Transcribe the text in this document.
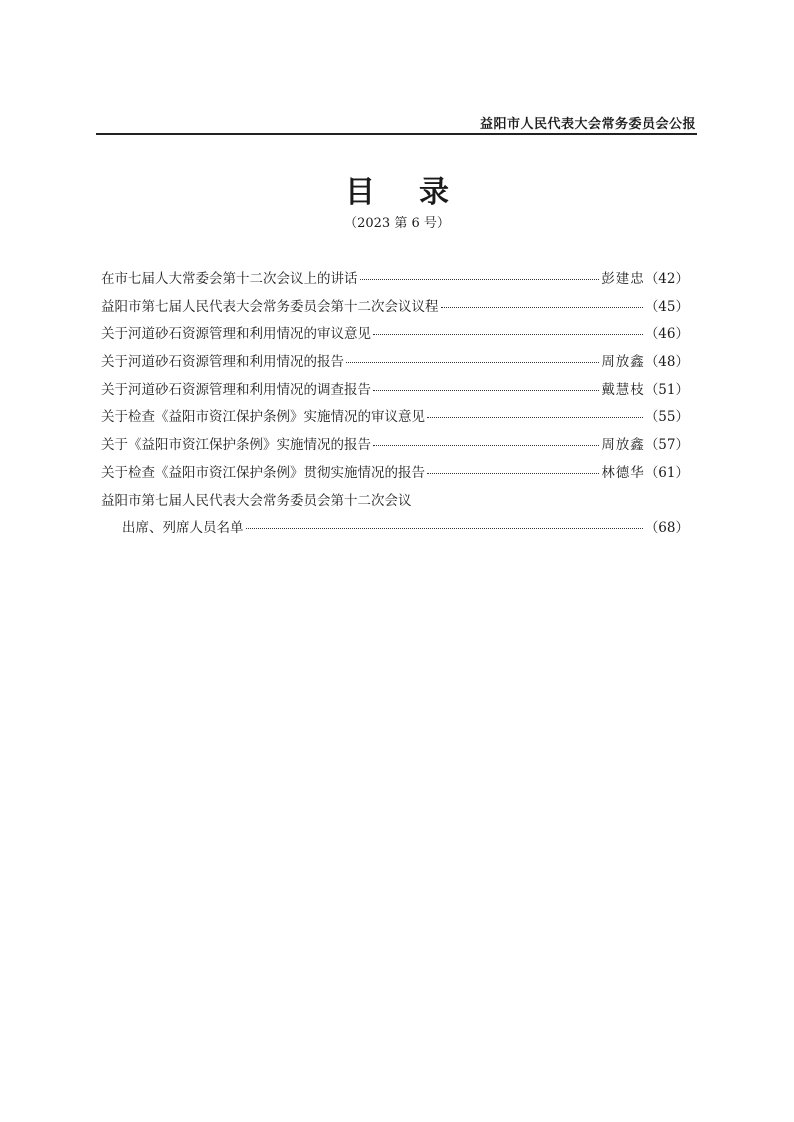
益阳市人民代表大会常务委员会公报
目 录
（2023 第 6 号）
在市七届人大常委会第十二次会议上的讲话	彭建忠 （42）
益阳市第七届人民代表大会常务委员会第十二次会议议程	（45）
关于河道砂石资源管理和利用情况的审议意见	（46）
关于河道砂石资源管理和利用情况的报告	周放鑫 （48）
关于河道砂石资源管理和利用情况的调查报告	戴慧枝 （51）
关于检查《益阳市资江保护条例》实施情况的审议意见	（55）
关于《益阳市资江保护条例》实施情况的报告	周放鑫 （57）
关于检查《益阳市资江保护条例》贯彻实施情况的报告	林德华 （61）
益阳市第七届人民代表大会常务委员会第十二次会议
出席、列席人员名单	（68）
